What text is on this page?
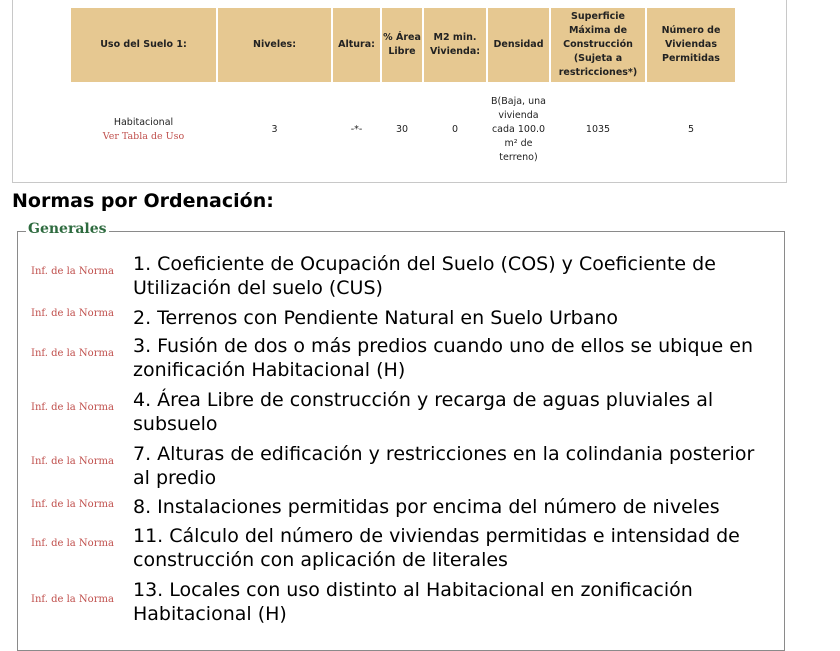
Uso del Suelo 1:	Niveles:	Altura:	% Área Libre	M2 min. Vivienda:	Densidad	Superficie Máxima de Construcción (Sujeta a restricciones*)	Número de Viviendas Permitidas

Habitacional
Ver Tabla de Uso	3	-*-	30	0	B(Baja, una vivienda cada 100.0 m² de terreno)	1035	5
Normas por Ordenación:
Generales
Inf. de la Norma 1. Coeficiente de Ocupación del Suelo (COS) y Coeficiente de Utilización del suelo (CUS)
Inf. de la Norma 2. Terrenos con Pendiente Natural en Suelo Urbano
Inf. de la Norma 3. Fusión de dos o más predios cuando uno de ellos se ubique en zonificación Habitacional (H)
Inf. de la Norma 4. Área Libre de construcción y recarga de aguas pluviales al subsuelo
Inf. de la Norma 7. Alturas de edificación y restricciones en la colindania posterior al predio
Inf. de la Norma 8. Instalaciones permitidas por encima del número de niveles
Inf. de la Norma 11. Cálculo del número de viviendas permitidas e intensidad de construcción con aplicación de literales
Inf. de la Norma 13. Locales con uso distinto al Habitacional en zonificación Habitacional (H)
